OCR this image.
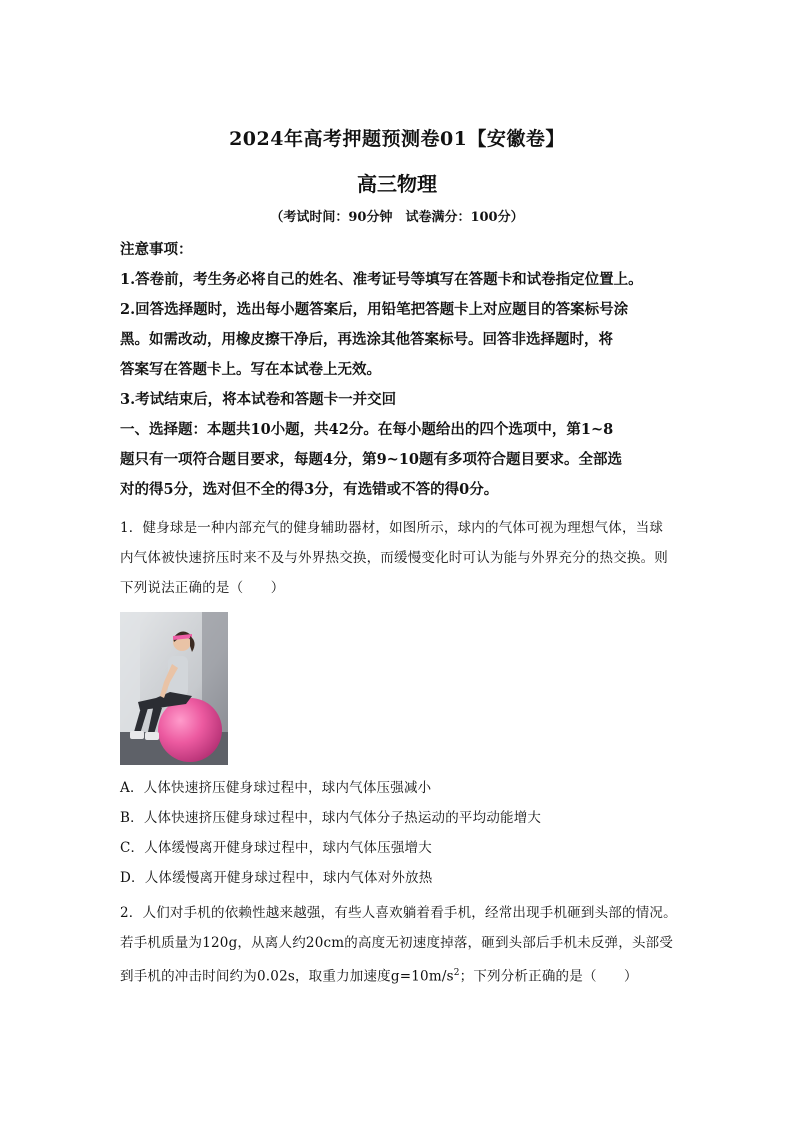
2024年高考押题预测卷01【安徽卷】
高三物理
（考试时间：90分钟　试卷满分：100分）

注意事项：

1.答卷前，考生务必将自己的姓名、准考证号等填写在答题卡和试卷指定位置上。

2.回答选择题时，选出每小题答案后，用铅笔把答题卡上对应题目的答案标号涂

黑。如需改动，用橡皮擦干净后，再选涂其他答案标号。回答非选择题时，将

答案写在答题卡上。写在本试卷上无效。

3.考试结束后，将本试卷和答题卡一并交回

一、选择题：本题共10小题，共42分。在每小题给出的四个选项中，第1~8

题只有一项符合题目要求，每题4分，第9~10题有多项符合题目要求。全部选

对的得5分，选对但不全的得3分，有选错或不答的得0分。

1．健身球是一种内部充气的健身辅助器材，如图所示，球内的气体可视为理想气体，当球

内气体被快速挤压时来不及与外界热交换，而缓慢变化时可认为能与外界充分的热交换。则

下列说法正确的是（　　）

A．人体快速挤压健身球过程中，球内气体压强减小

B．人体快速挤压健身球过程中，球内气体分子热运动的平均动能增大

C．人体缓慢离开健身球过程中，球内气体压强增大

D．人体缓慢离开健身球过程中，球内气体对外放热

2．人们对手机的依赖性越来越强，有些人喜欢躺着看手机，经常出现手机砸到头部的情况。

若手机质量为120g，从离人约20cm的高度无初速度掉落，砸到头部后手机未反弹，头部受

到手机的冲击时间约为0.02s，取重力加速度$g=10m/s^2$；下列分析正确的是（　　）
